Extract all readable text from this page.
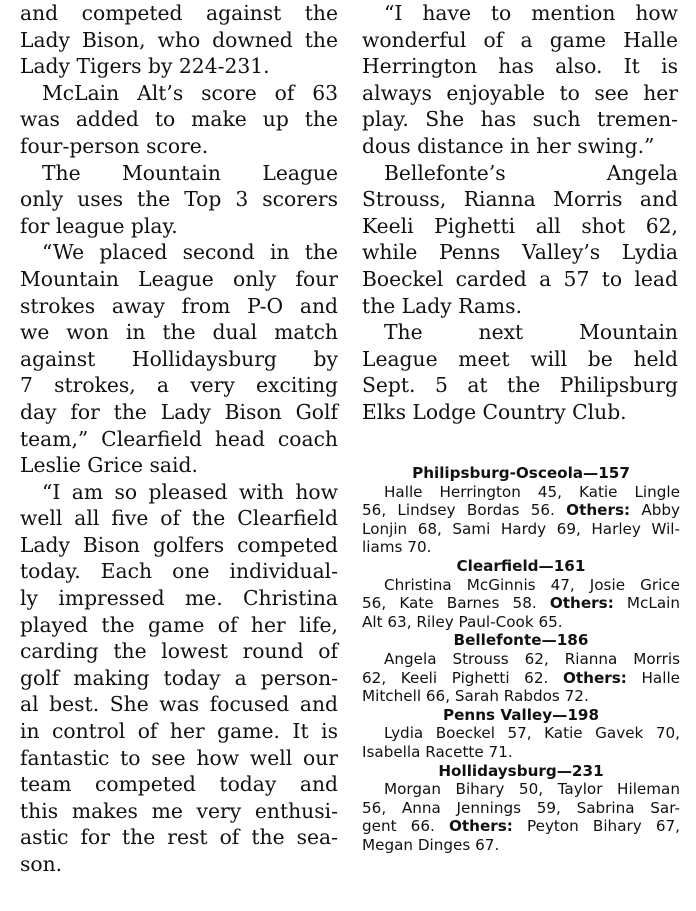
and competed against the
Lady Bison, who downed the
Lady Tigers by 224-231.

McLain Alt’s score of 63
was added to make up the
four-person score.

The Mountain League
only uses the Top 3 scorers
for league play.

“We placed second in the
Mountain League only four
strokes away from P-O and
we won in the dual match
against Hollidaysburg by
7 strokes, a very exciting
day for the Lady Bison Golf
team,” Clearfield head coach
Leslie Grice said.

“I am so pleased with how
well all five of the Clearfield
Lady Bison golfers competed
today. Each one individual-
ly impressed me. Christina
played the game of her life,
carding the lowest round of
golf making today a person-
al best. She was focused and
in control of her game. It is
fantastic to see how well our
team competed today and
this makes me very enthusi-
astic for the rest of the sea-
son.

“I have to mention how
wonderful of a game Halle
Herrington has also. It is
always enjoyable to see her
play. She has such tremen-
dous distance in her swing.”

Bellefonte’s Angela
Strouss, Rianna Morris and
Keeli Pighetti all shot 62,
while Penns Valley’s Lydia
Boeckel carded a 57 to lead
the Lady Rams.

The next Mountain
League meet will be held
Sept. 5 at the Philipsburg
Elks Lodge Country Club.

Philipsburg-Osceola—157
Halle Herrington 45, Katie Lingle
56, Lindsey Bordas 56. Others: Abby
Lonjin 68, Sami Hardy 69, Harley Wil-
liams 70.
Clearfield—161
Christina McGinnis 47, Josie Grice
56, Kate Barnes 58. Others: McLain
Alt 63, Riley Paul-Cook 65.
Bellefonte—186
Angela Strouss 62, Rianna Morris
62, Keeli Pighetti 62. Others: Halle
Mitchell 66, Sarah Rabdos 72.
Penns Valley—198
Lydia Boeckel 57, Katie Gavek 70,
Isabella Racette 71.
Hollidaysburg—231
Morgan Bihary 50, Taylor Hileman
56, Anna Jennings 59, Sabrina Sar-
gent 66. Others: Peyton Bihary 67,
Megan Dinges 67.
